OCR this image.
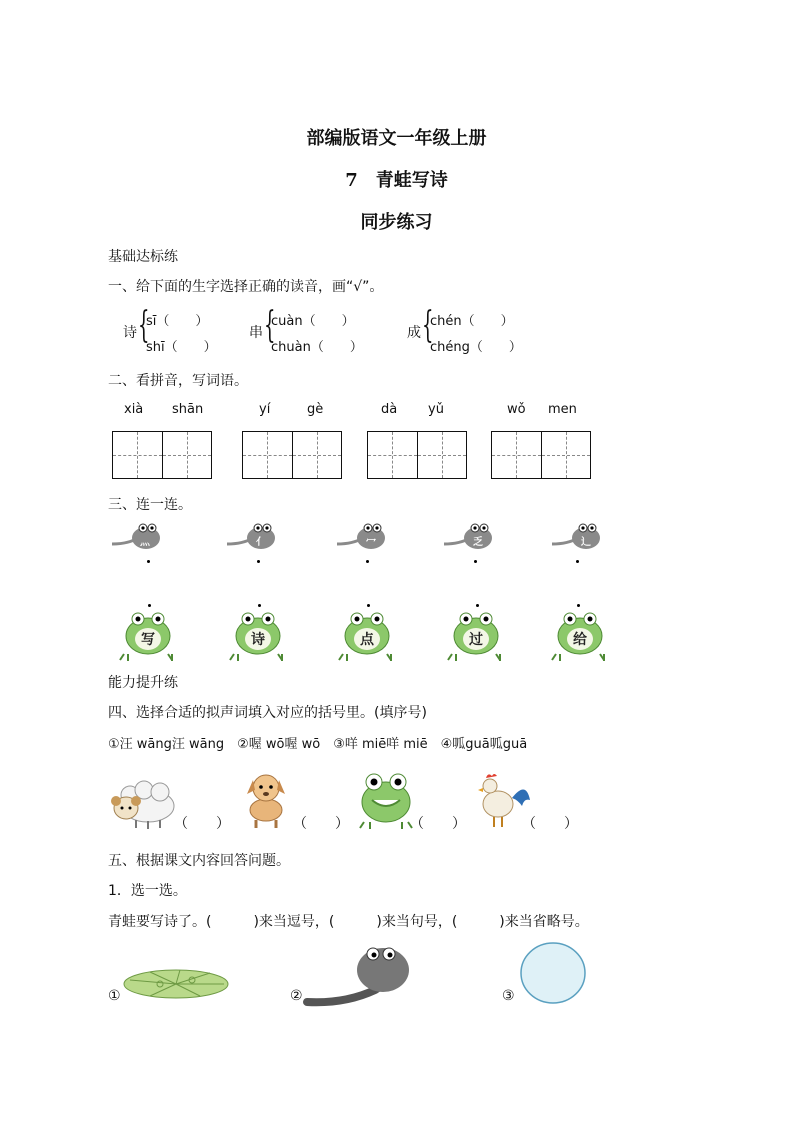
部编版语文一年级上册
7　青蛙写诗
同步练习
基础达标练
一、给下面的生字选择正确的读音，画“√”。
诗 {
sī（　　）
shī（　　）
串 {
cuàn（　　）
chuàn（　　）
成 {
chén（　　）
chéng（　　）
二、看拼音，写词语。
xià shān	yí	gè	dà yǔ	wǒ men
三、连一连。
灬	亻	冖	乏	辶
写	诗	点	过	给
能力提升练
四、选择合适的拟声词填入对应的括号里。(填序号)
①汪 wāng汪 wāng　②喔 wō喔 wō　③咩 miē咩 miē　④呱guā呱guā
（　　）	（　　）	（　　）	（　　）
五、根据课文内容回答问题。
1．选一选。
青蛙要写诗了。(　　　)来当逗号，(　　　)来当句号，(　　　)来当省略号。
①	②	③
